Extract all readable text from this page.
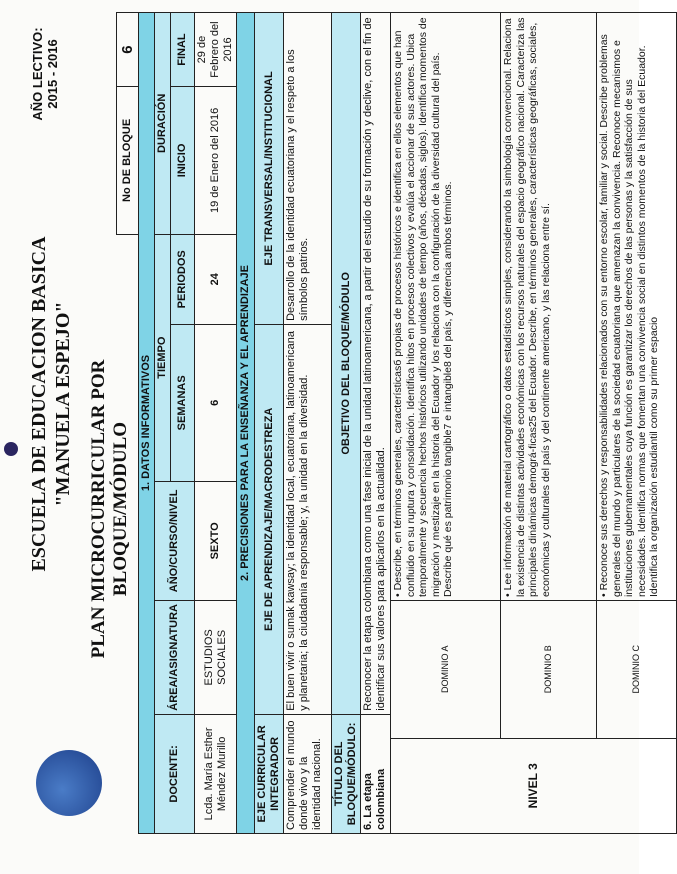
ESCUELA DE EDUCACION BASICA "MANUELA ESPEJO"
AÑO LECTIVO: 2015 - 2016
PLAN MICROCURRICULAR POR BLOQUE/MÓDULO
						No DE BLOQUE	6
1. DATOS INFORMATIVOS							
DOCENTE:		ÁREA/ASIGNATURA	AÑO/CURSO/NIVEL	TIEMPO		DURACIÓN	
				SEMANAS	PERIODOS	INICIO	FINAL
Lcda. María Esther Méndez Murillo		ESTUDIOS SOCIALES	SEXTO	6	24	19 de Enero del 2016	29 de Febrero del 2016
2. PRECISIONES PARA LA ENSEÑANZA Y EL APRENDIZAJE							
EJE CURRICULAR INTEGRADOR		EJE DE APRENDIZAJE/MACRODESTREZA			EJE TRANSVERSAL/INSTITUCIONAL		
Comprender el mundo donde vivo y la identidad nacional.		El buen vivir o sumak kawsay; la identidad local, ecuatoriana, latinoamericana y planetaria; la ciudadanía responsable; y, la unidad en la diversidad.			Desarrollo de la identidad ecuatoriana y el respeto a los símbolos patrios.		
TÍTULO DEL BLOQUE/MÓDULO:		OBJETIVO DEL BLOQUE/MÓDULO					
6. La etapa colombiana		Reconocer la etapa colombiana como una fase inicial de la unidad latinoamericana, a partir del estudio de su formación y declive, con el fin de identificar sus valores para aplicarlos en la actualidad.					
NIVEL 3	DOMINIO A		• Describe, en términos generales, característicasб propias de procesos históricos e identifica en ellos elementos que han confluido en su ruptura y consolidación. Identifica hitos en procesos colectivos y evalúa el accionar de sus actores. Ubica temporalmente y secuencia hechos históricos utilizando unidades de tiempo (años, décadas, siglos). Identifica momentos de migración y mestizaje en la historia del Ecuador y los relaciona con la configuración de la diversidad cultural del país. Describe qué es patrimonio tangible7 e intangible8 del país, y diferencia ambos términos.				
	DOMINIO B		• Lee información de material cartográfico o datos estadísticos simples, considerando la simbología convencional. Relaciona la existencia de distintas actividades económicas con los recursos naturales del espacio geográfico nacional. Caracteriza las principales dinámicas demográ-ficas25 del Ecuador. Describe, en términos generales, características geográficas, sociales, económicas y culturales del país y del continente americano, y las relaciona entre sí.				
	DOMINIO C		• Reconoce sus derechos y responsabilidades relacionados con su entorno escolar, familiar y social. Describe problemas generales del mundo y particulares de la sociedad ecuatoriana que amenazan la convivencia. Reconoce mecanismos e instituciones gubernamentales cuya función es garantizar los derechos de las personas y la satisfacción de sus necesidades. Identifica normas que fomentan una convivencia social en distintos momentos de la historia del Ecuador. Identifica la organización estudiantil como su primer espacio				
